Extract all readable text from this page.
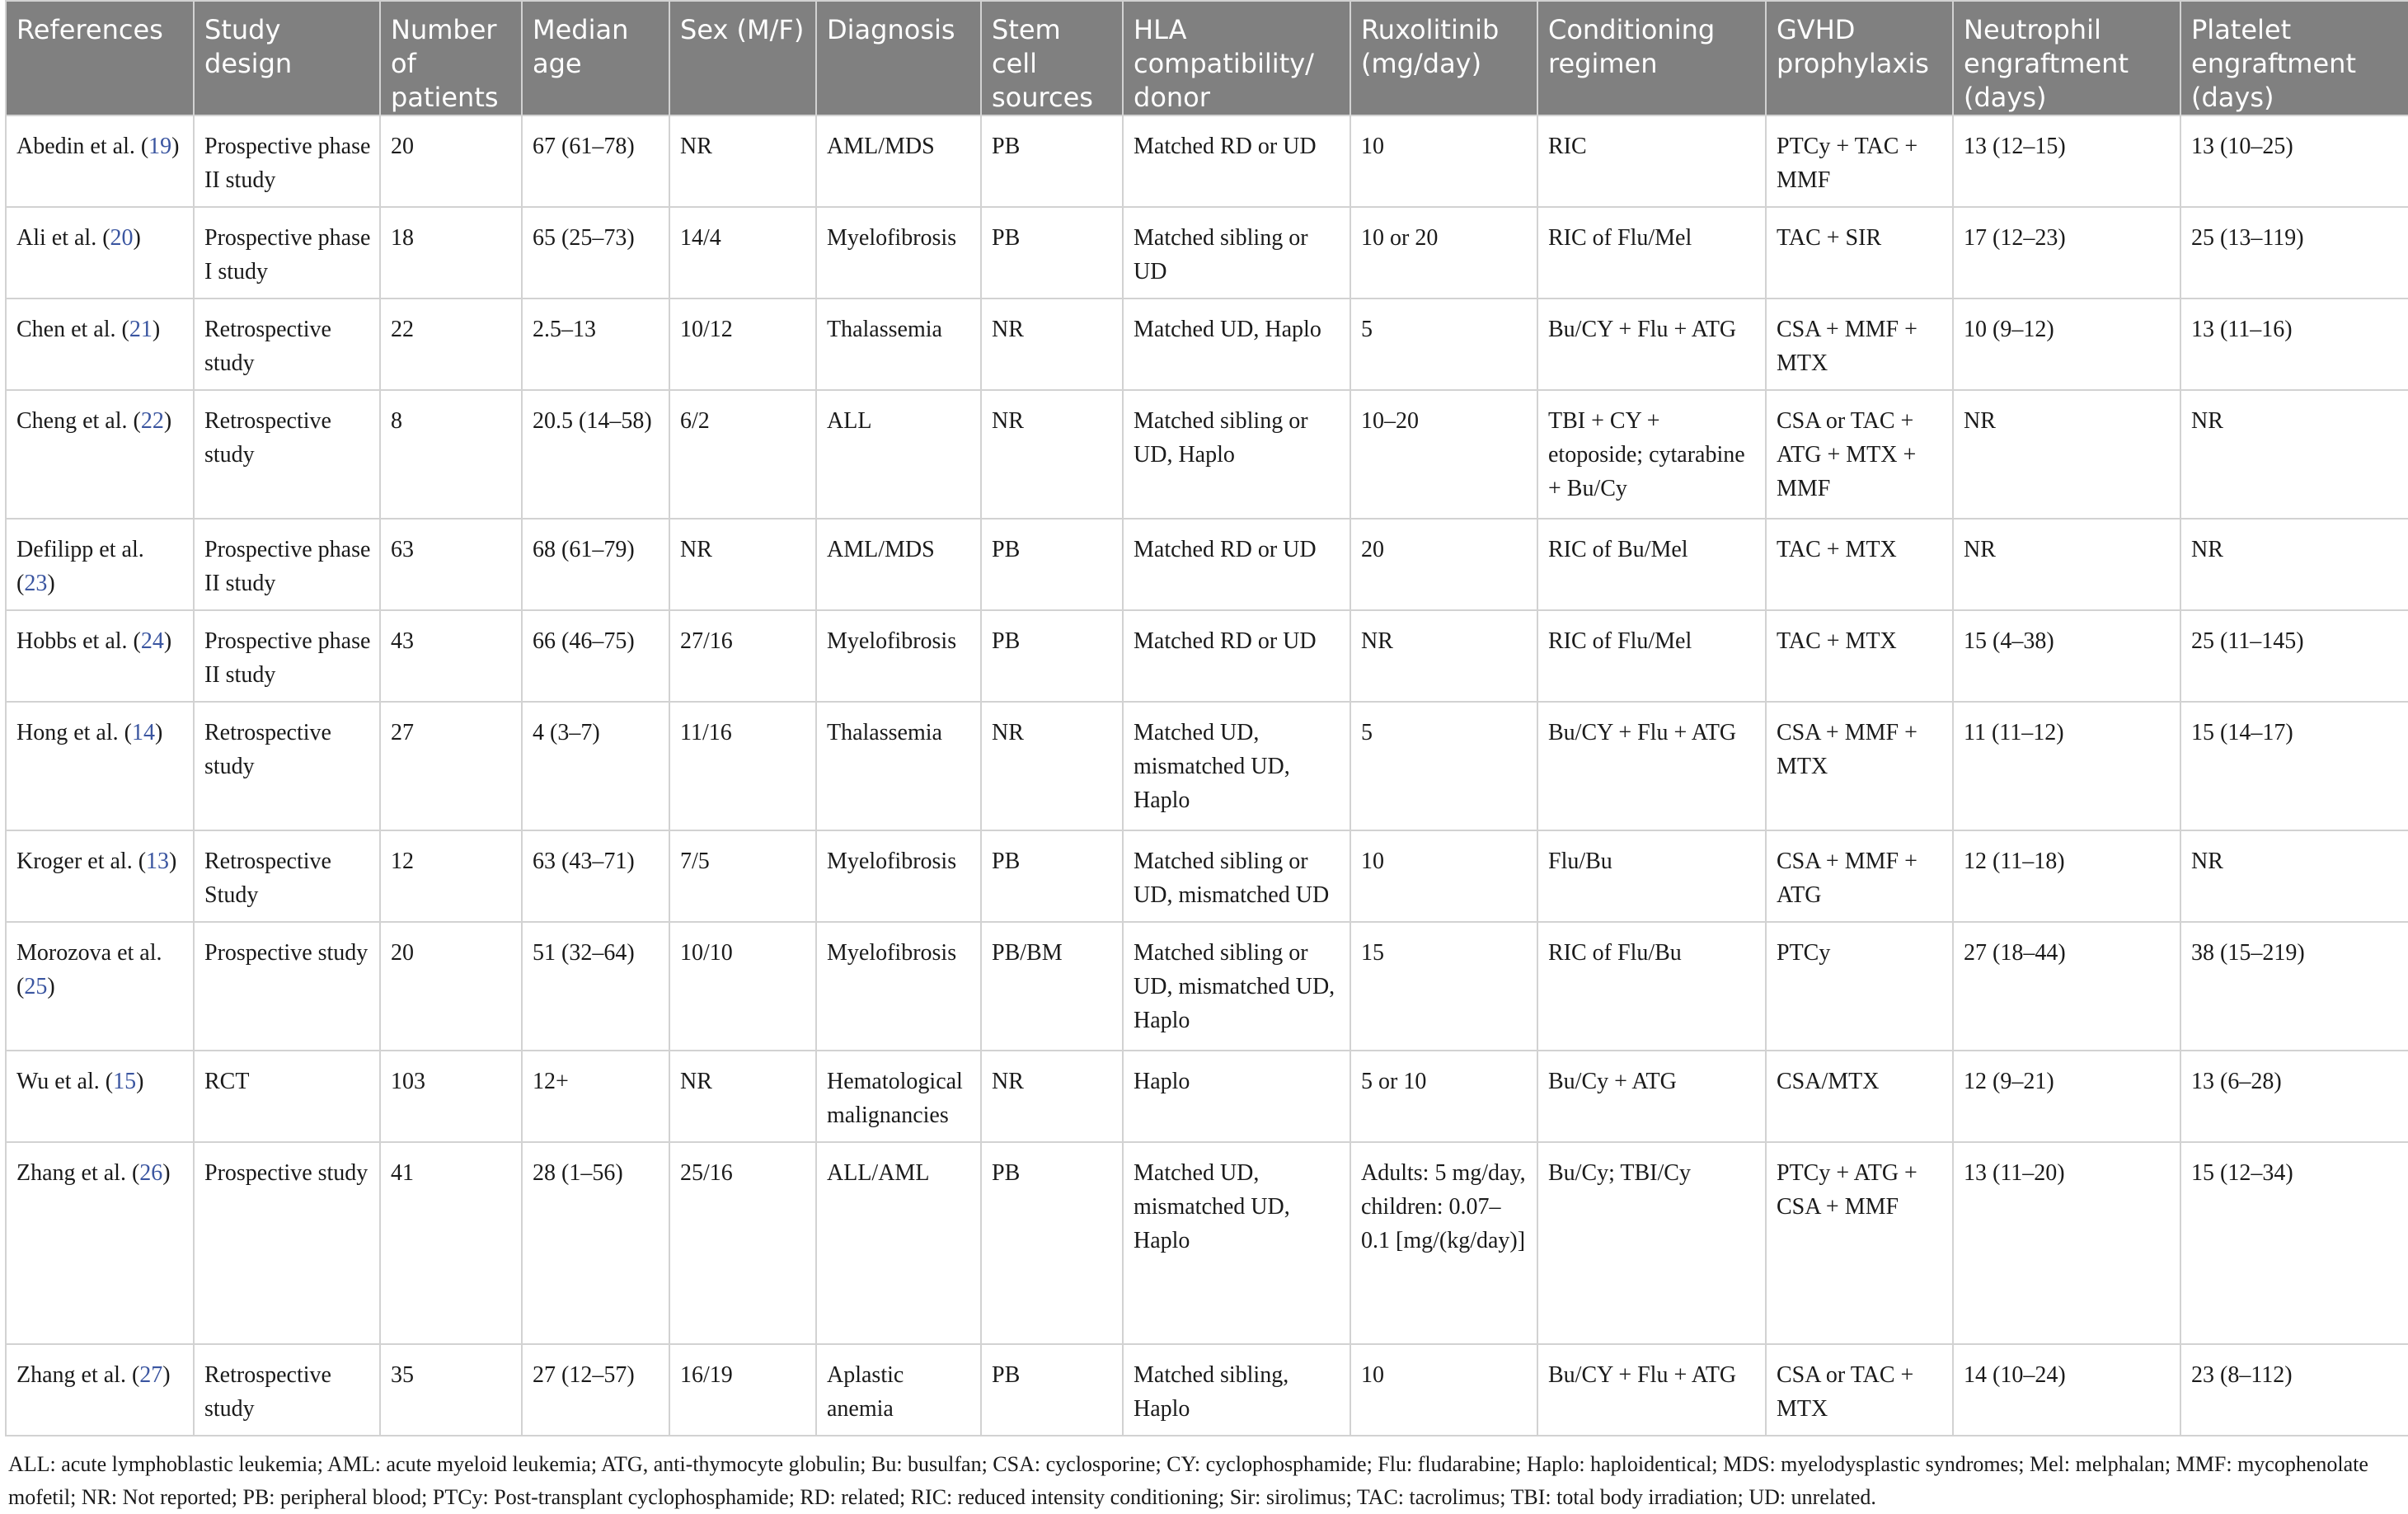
References	Study design	Number of patients	Median age	Sex (M/F)	Diagnosis	Stem cell sources	HLA compatibility/ donor	Ruxolitinib (mg/day)	Conditioning regimen	GVHD prophylaxis	Neutrophil engraftment (days)	Platelet engraftment (days)
Abedin et al. (19)	Prospective phase II study	20	67 (61–78)	NR	AML/MDS	PB	Matched RD or UD	10	RIC	PTCy + TAC + MMF	13 (12–15)	13 (10–25)
Ali et al. (20)	Prospective phase I study	18	65 (25–73)	14/4	Myelofibrosis	PB	Matched sibling or UD	10 or 20	RIC of Flu/Mel	TAC + SIR	17 (12–23)	25 (13–119)
Chen et al. (21)	Retrospective study	22	2.5–13	10/12	Thalassemia	NR	Matched UD, Haplo	5	Bu/CY + Flu + ATG	CSA + MMF + MTX	10 (9–12)	13 (11–16)
Cheng et al. (22)	Retrospective study	8	20.5 (14–58)	6/2	ALL	NR	Matched sibling or UD, Haplo	10–20	TBI + CY + etoposide; cytarabine + Bu/Cy	CSA or TAC + ATG + MTX + MMF	NR	NR
Defilipp et al. (23)	Prospective phase II study	63	68 (61–79)	NR	AML/MDS	PB	Matched RD or UD	20	RIC of Bu/Mel	TAC + MTX	NR	NR
Hobbs et al. (24)	Prospective phase II study	43	66 (46–75)	27/16	Myelofibrosis	PB	Matched RD or UD	NR	RIC of Flu/Mel	TAC + MTX	15 (4–38)	25 (11–145)
Hong et al. (14)	Retrospective study	27	4 (3–7)	11/16	Thalassemia	NR	Matched UD, mismatched UD, Haplo	5	Bu/CY + Flu + ATG	CSA + MMF + MTX	11 (11–12)	15 (14–17)
Kroger et al. (13)	Retrospective Study	12	63 (43–71)	7/5	Myelofibrosis	PB	Matched sibling or UD, mismatched UD	10	Flu/Bu	CSA + MMF + ATG	12 (11–18)	NR
Morozova et al. (25)	Prospective study	20	51 (32–64)	10/10	Myelofibrosis	PB/BM	Matched sibling or UD, mismatched UD, Haplo	15	RIC of Flu/Bu	PTCy	27 (18–44)	38 (15–219)
Wu et al. (15)	RCT	103	12+	NR	Hematological malignancies	NR	Haplo	5 or 10	Bu/Cy + ATG	CSA/MTX	12 (9–21)	13 (6–28)
Zhang et al. (26)	Prospective study	41	28 (1–56)	25/16	ALL/AML	PB	Matched UD, mismatched UD, Haplo	Adults: 5 mg/day, children: 0.07–0.1 [mg/(kg/day)]	Bu/Cy; TBI/Cy	PTCy + ATG + CSA + MMF	13 (11–20)	15 (12–34)
Zhang et al. (27)	Retrospective study	35	27 (12–57)	16/19	Aplastic anemia	PB	Matched sibling, Haplo	10	Bu/CY + Flu + ATG	CSA or TAC + MTX	14 (10–24)	23 (8–112)
ALL: acute lymphoblastic leukemia; AML: acute myeloid leukemia; ATG, anti-thymocyte globulin; Bu: busulfan; CSA: cyclosporine; CY: cyclophosphamide; Flu: fludarabine; Haplo: haploidentical; MDS: myelodysplastic syndromes; Mel: melphalan; MMF: mycophenolate mofetil; NR: Not reported; PB: peripheral blood; PTCy: Post-transplant cyclophosphamide; RD: related; RIC: reduced intensity conditioning; Sir: sirolimus; TAC: tacrolimus; TBI: total body irradiation; UD: unrelated.
